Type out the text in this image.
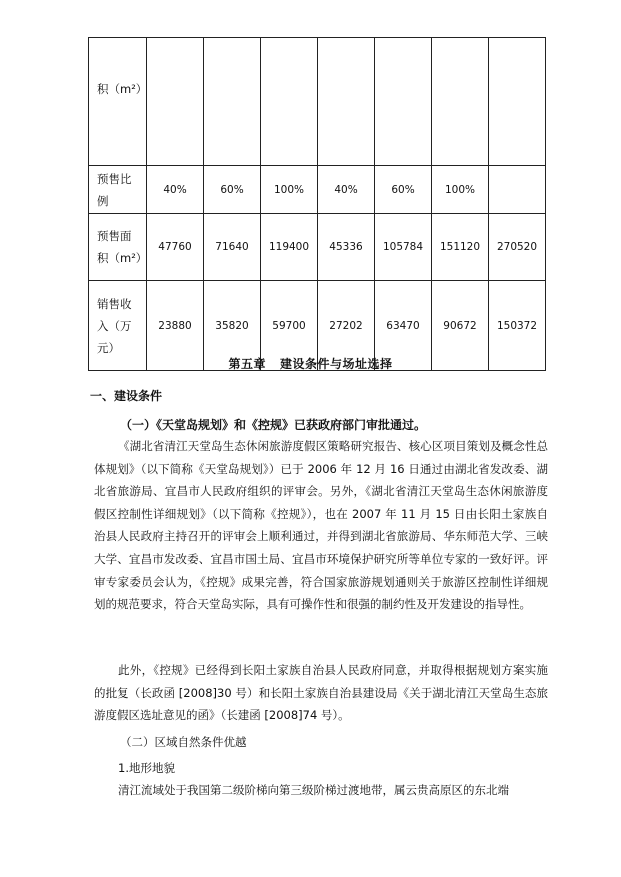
积（m²）							
预售比例	40%	60%	100%	40%	60%	100%	
预售面积（m²）	47760	71640	119400	45336	105784	151120	270520
销售收入（万元）	23880	35820	59700	27202	63470	90672	150372
第五章 建设条件与场址选择
一、建设条件
（一）《天堂岛规划》和《控规》已获政府部门审批通过。
《湖北省清江天堂岛生态休闲旅游度假区策略研究报告、核心区项目策划及概念性总体规划》（以下简称《天堂岛规划》）已于 2006 年 12 月 16 日通过由湖北省发改委、湖北省旅游局、宜昌市人民政府组织的评审会。另外，《湖北省清江天堂岛生态休闲旅游度假区控制性详细规划》（以下简称《控规》），也在 2007 年 11 月 15 日由长阳土家族自治县人民政府主持召开的评审会上顺利通过，并得到湖北省旅游局、华东师范大学、三峡大学、宜昌市发改委、宜昌市国土局、宜昌市环境保护研究所等单位专家的一致好评。评审专家委员会认为，《控规》成果完善，符合国家旅游规划通则关于旅游区控制性详细规划的规范要求，符合天堂岛实际，具有可操作性和很强的制约性及开发建设的指导性。
此外，《控规》已经得到长阳土家族自治县人民政府同意，并取得根据规划方案实施的批复（长政函 [2008]30 号）和长阳土家族自治县建设局《关于湖北清江天堂岛生态旅游度假区选址意见的函》（长建函 [2008]74 号）。
（二）区域自然条件优越
1.地形地貌
清江流域处于我国第二级阶梯向第三级阶梯过渡地带，属云贵高原区的东北端
